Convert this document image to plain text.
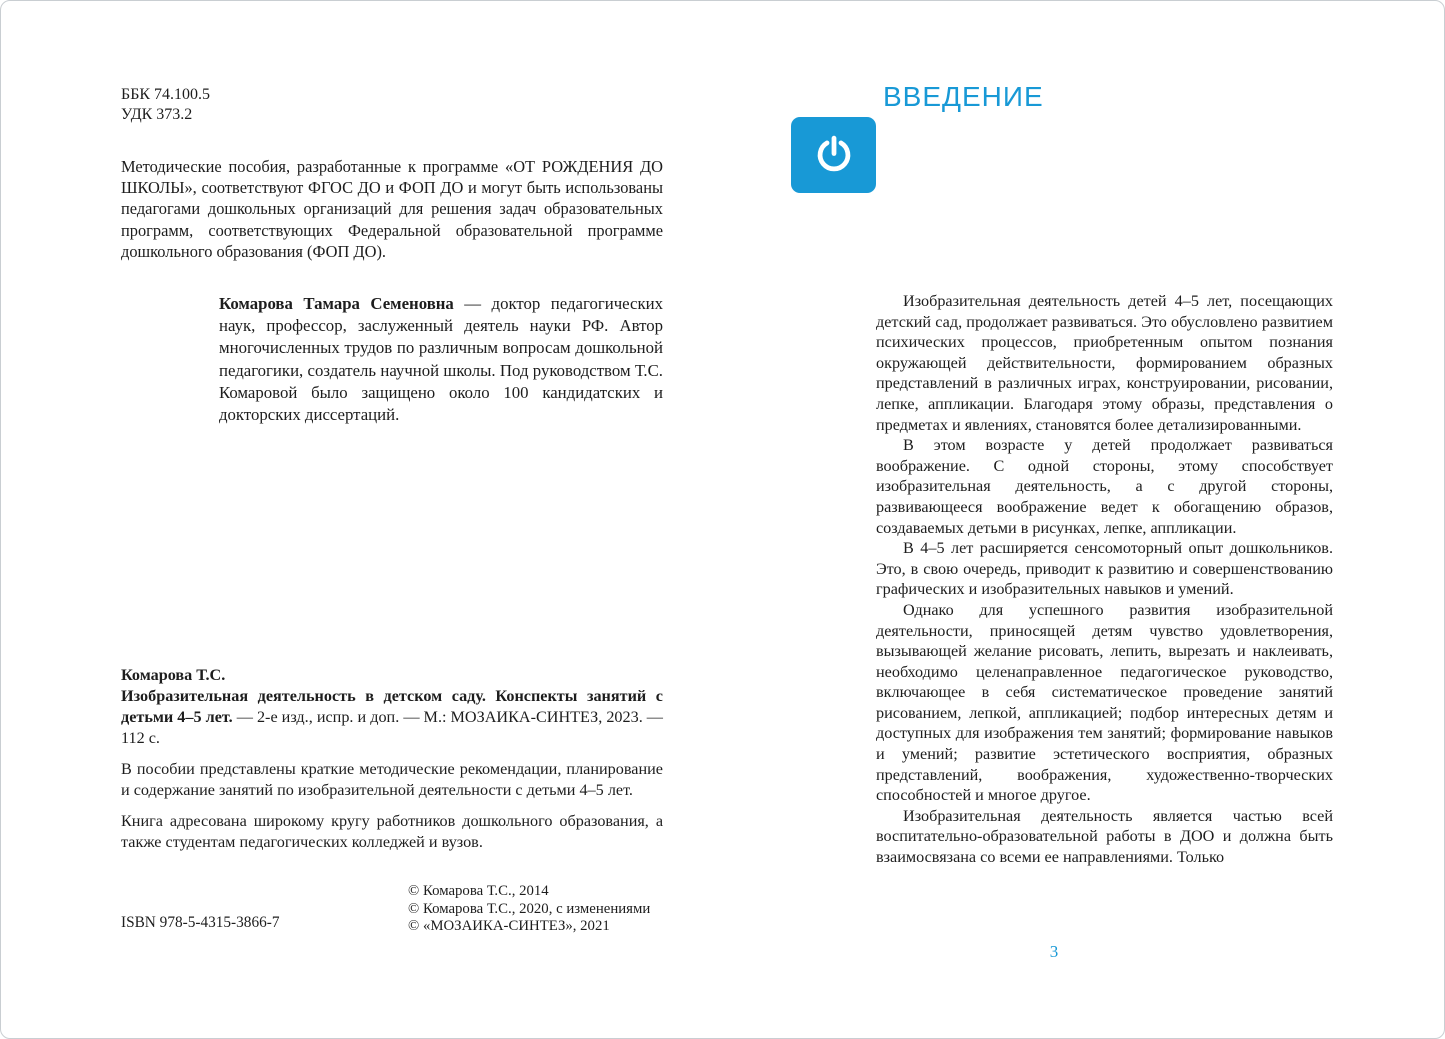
ББК 74.100.5
УДК 373.2

Методические пособия, разработанные к программе «ОТ РОЖДЕНИЯ ДО ШКОЛЫ», соответствуют ФГОС ДО и ФОП ДО и могут быть использованы педагогами дошкольных организаций для решения задач образовательных программ, соответствующих Федеральной образовательной программе дошкольного образования (ФОП ДО).

Комарова Тамара Семеновна — доктор педагогических наук, профессор, заслуженный деятель науки РФ. Автор многочисленных трудов по различным вопросам дошкольной педагогики, создатель научной школы. Под руководством Т.С. Комаровой было защищено около 100 кандидатских и докторских диссертаций.

Комарова Т.С.

Изобразительная деятельность в детском саду. Конспекты занятий с детьми 4–5 лет. — 2-е изд., испр. и доп. — М.: МОЗАИКА-СИНТЕЗ, 2023. — 112 с.

В пособии представлены краткие методические рекомендации, планирование и содержание занятий по изобразительной деятельности с детьми 4–5 лет.

Книга адресована широкому кругу работников дошкольного образования, а также студентам педагогических колледжей и вузов.

ISBN 978-5-4315-3866-7
© Комарова Т.С., 2014
© Комарова Т.С., 2020, с изменениями
© «МОЗАИКА-СИНТЕЗ», 2021
ВВЕДЕНИЕ

Изобразительная деятельность детей 4–5 лет, посещающих детский сад, продолжает развиваться. Это обусловлено развитием психических процессов, приобретенным опытом познания окружающей действительности, формированием образных представлений в различных играх, конструировании, рисовании, лепке, аппликации. Благодаря этому образы, представления о предметах и явлениях, становятся более детализированными.

В этом возрасте у детей продолжает развиваться воображение. С одной стороны, этому способствует изобразительная деятельность, а с другой стороны, развивающееся воображение ведет к обогащению образов, создаваемых детьми в рисунках, лепке, аппликации.

В 4–5 лет расширяется сенсомоторный опыт дошкольников. Это, в свою очередь, приводит к развитию и совершенствованию графических и изобразительных навыков и умений.

Однако для успешного развития изобразительной деятельности, приносящей детям чувство удовлетворения, вызывающей желание рисовать, лепить, вырезать и наклеивать, необходимо целенаправленное педагогическое руководство, включающее в себя систематическое проведение занятий рисованием, лепкой, аппликацией; подбор интересных детям и доступных для изображения тем занятий; формирование навыков и умений; развитие эстетического восприятия, образных представлений, воображения, художественно-творческих способностей и многое другое.

Изобразительная деятельность является частью всей воспитательно-образовательной работы в ДОО и должна быть взаимосвязана со всеми ее направлениями. Только

3
